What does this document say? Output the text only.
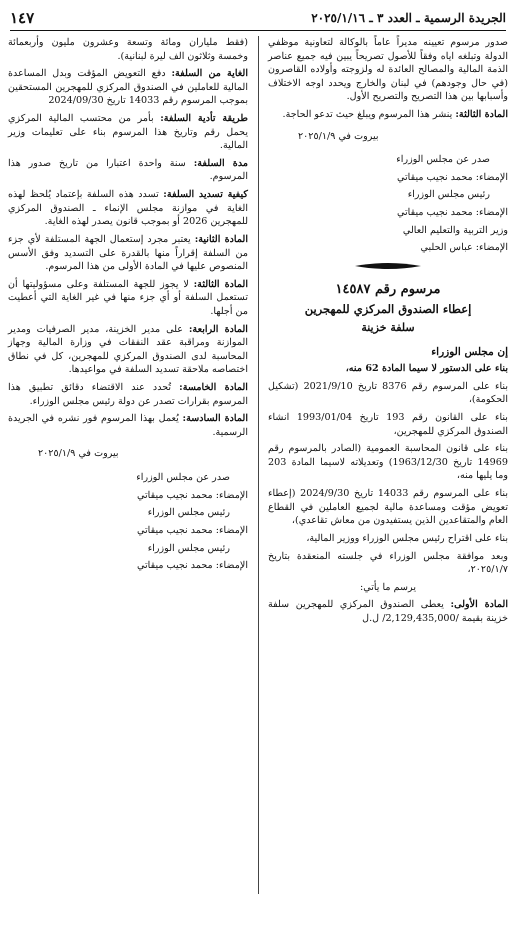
الجريدة الرسمية ـ العدد ٣ ـ ٢٠٢٥/١/١٦
١٤٧

صدور مرسوم تعيينه مديراً عاماً بالوكالة لتعاونية موظفي الدولة وتبلغه اياه وفقاً للأصول تصريحاً يبين فيه جميع عناصر الذمة المالية والمصالح العائدة له ولزوجته وأولاده القاصرون (في حال وجودهم) في لبنان والخارج ويحدد اوجه الاختلاف وأسبابها بين هذا التصريح والتصريح الأول.

المادة الثالثة: ينشر هذا المرسوم ويبلغ حيث تدعو الحاجة.

بيروت في ٢٠٢٥/١/٩

صدر عن مجلس الوزراء

الإمضاء: محمد نجيب ميقاتي

رئيس مجلس الوزراء

الإمضاء: محمد نجيب ميقاتي

وزير التربية والتعليم العالي

الإمضاء: عباس الحلبي

مرسوم رقم ١٤٥٨٧

إعطاء الصندوق المركزي للمهجرين

سلفة خزينة

إن مجلس الوزراء

بناء على الدستور لا سيما المادة 62 منه،

بناء على المرسوم رقم 8376 تاريخ 2021/9/10 (تشكيل الحكومة)،

بناء على القانون رقم 193 تاريخ 1993/01/04 انشاء الصندوق المركزي للمهجرين،

بناء على قانون المحاسبة العمومية (الصادر بالمرسوم رقم 14969 تاريخ 1963/12/30) وتعديلاته لاسيما المادة 203 وما يليها منه،

بناء على المرسوم رقم 14033 تاريخ 2024/9/30 (إعطاء تعويض مؤقت ومساعدة مالية لجميع العاملين في القطاع العام والمتقاعدين الذين يستفيدون من معاش تقاعدي)،

بناء على اقتراح رئيس مجلس الوزراء ووزير المالية،

وبعد موافقة مجلس الوزراء في جلسته المنعقدة بتاريخ ٢٠٢٥/١/٧،

يرسم ما يأتي:

المادة الأولى: يعطى الصندوق المركزي للمهجرين سلفة خزينة بقيمة /2,129,435,000/ ل.ل

(فقط ملياران ومائة وتسعة وعشرون مليون وأربعمائة وخمسة وثلاثون الف ليرة لبنانية).

الغاية من السلفة: دفع التعويض المؤقت وبدل المساعدة المالية للعاملين في الصندوق المركزي للمهجرين المستحقين بموجب المرسوم رقم 14033 تاريخ 2024/09/30

طريقة تأدية السلفة: بأمر من محتسب المالية المركزي يحمل رقم وتاريخ هذا المرسوم بناء على تعليمات وزير المالية.

مدة السلفة: سنة واحدة اعتبارا من تاريخ صدور هذا المرسوم.

كيفية تسديد السلفة: تسدد هذه السلفة بإعتماد يُلحظ لهذه الغاية في موازنة مجلس الإنماء ـ الصندوق المركزي للمهجرين 2026 أو بموجب قانون يصدر لهذه الغاية.

المادة الثانية: يعتبر مجرد إستعمال الجهة المستلفة لأي جزء من السلفة إقراراً منها بالقدرة على التسديد وفق الأسس المنصوص عليها في المادة الأولى من هذا المرسوم.

المادة الثالثة: لا يجوز للجهة المستلفة وعلى مسؤوليتها أن تستعمل السلفة أو أي جزء منها في غير الغاية التي أعطيت من أجلها.

المادة الرابعة: على مدير الخزينة، مدير الصرفيات ومدير الموازنة ومراقبة عقد النفقات في وزارة المالية وجهاز المحاسبة لدى الصندوق المركزي للمهجرين، كل في نطاق اختصاصه ملاحقة تسديد السلفة في مواعيدها.

المادة الخامسة: تُحدد عند الاقتضاء دقائق تطبيق هذا المرسوم بقرارات تصدر عن دولة رئيس مجلس الوزراء.

المادة السادسة: يُعمل بهذا المرسوم فور نشره في الجريدة الرسمية.

بيروت في ٢٠٢٥/١/٩

صدر عن مجلس الوزراء

الإمضاء: محمد نجيب ميقاتي

رئيس مجلس الوزراء

الإمضاء: محمد نجيب ميقاتي

رئيس مجلس الوزراء

الإمضاء: محمد نجيب ميقاتي
